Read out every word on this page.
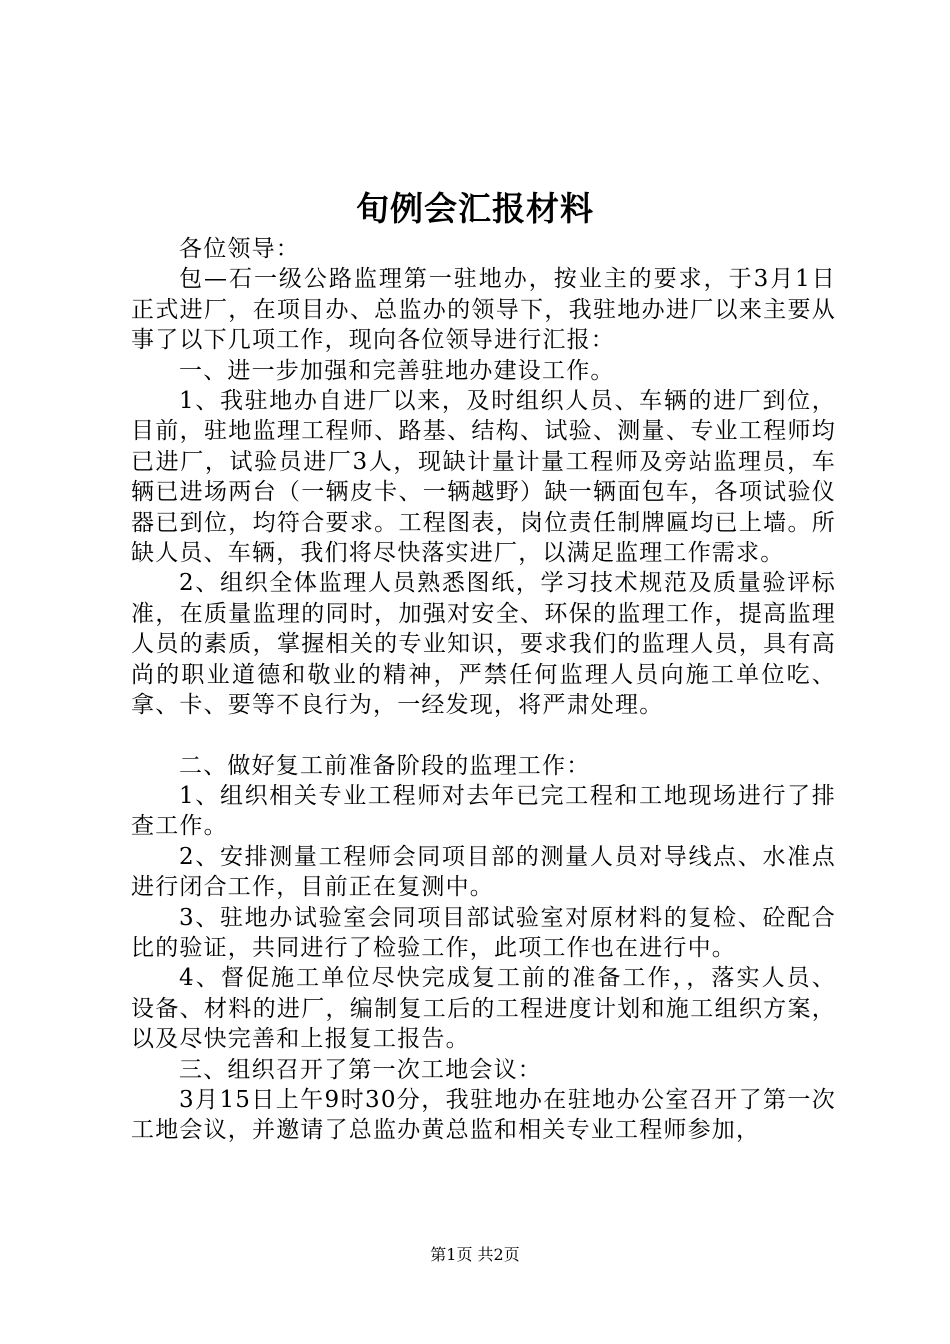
旬例会汇报材料

各位领导：

包—石一级公路监理第一驻地办，按业主的要求，于3月1日正式进厂，在项目办、总监办的领导下，我驻地办进厂以来主要从事了以下几项工作，现向各位领导进行汇报：

一、进一步加强和完善驻地办建设工作。

1、我驻地办自进厂以来，及时组织人员、车辆的进厂到位，目前，驻地监理工程师、路基、结构、试验、测量、专业工程师均已进厂，试验员进厂3人，现缺计量计量工程师及旁站监理员，车辆已进场两台（一辆皮卡、一辆越野）缺一辆面包车，各项试验仪器已到位，均符合要求。工程图表，岗位责任制牌匾均已上墙。所缺人员、车辆，我们将尽快落实进厂，以满足监理工作需求。

2、组织全体监理人员熟悉图纸，学习技术规范及质量验评标准，在质量监理的同时，加强对安全、环保的监理工作，提高监理人员的素质，掌握相关的专业知识，要求我们的监理人员，具有高尚的职业道德和敬业的精神，严禁任何监理人员向施工单位吃、拿、卡、要等不良行为，一经发现，将严肃处理。

二、做好复工前准备阶段的监理工作：

1、组织相关专业工程师对去年已完工程和工地现场进行了排查工作。

2、安排测量工程师会同项目部的测量人员对导线点、水准点进行闭合工作，目前正在复测中。

3、驻地办试验室会同项目部试验室对原材料的复检、砼配合比的验证，共同进行了检验工作，此项工作也在进行中。

4、督促施工单位尽快完成复工前的准备工作，，落实人员、设备、材料的进厂，编制复工后的工程进度计划和施工组织方案，以及尽快完善和上报复工报告。

三、组织召开了第一次工地会议：

3月15日上午9时30分，我驻地办在驻地办公室召开了第一次工地会议，并邀请了总监办黄总监和相关专业工程师参加，

第1页 共2页
